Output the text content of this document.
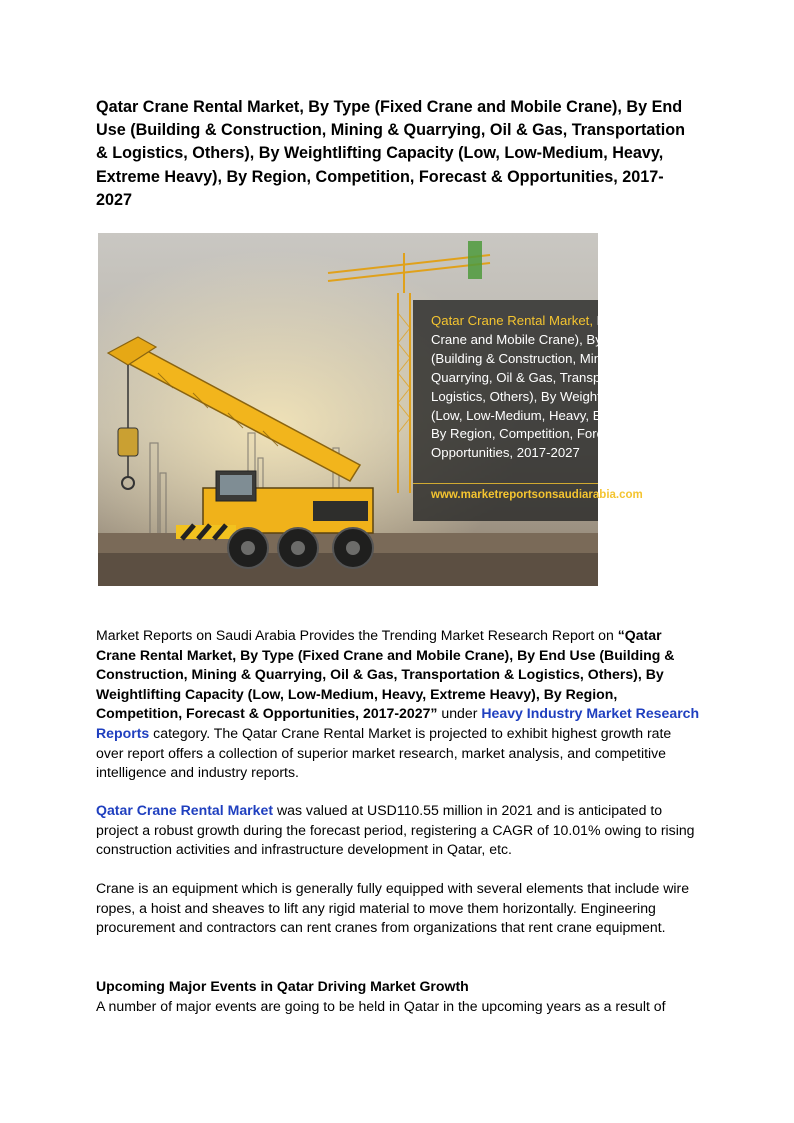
Qatar Crane Rental Market, By Type (Fixed Crane and Mobile Crane), By End Use (Building & Construction, Mining & Quarrying, Oil & Gas, Transportation & Logistics, Others), By Weightlifting Capacity (Low, Low-Medium, Heavy, Extreme Heavy), By Region, Competition, Forecast & Opportunities, 2017-2027
Qatar Crane Rental Market, By Type (Fixed Crane and Mobile Crane), By End Use (Building & Construction, Mining & Quarrying, Oil & Gas, Transportation & Logistics, Others), By Weightlifting Capacity (Low, Low-Medium, Heavy, Extreme Heavy), By Region, Competition, Forecast & Opportunities, 2017-2027
www.marketreportsonsaudiarabia.com

Market Reports on Saudi Arabia Provides the Trending Market Research Report on “Qatar Crane Rental Market, By Type (Fixed Crane and Mobile Crane), By End Use (Building & Construction, Mining & Quarrying, Oil & Gas, Transportation & Logistics, Others), By Weightlifting Capacity (Low, Low-Medium, Heavy, Extreme Heavy), By Region, Competition, Forecast & Opportunities, 2017-2027” under Heavy Industry Market Research Reports category. The Qatar Crane Rental Market is projected to exhibit highest growth rate over report offers a collection of superior market research, market analysis, and competitive intelligence and industry reports.

Qatar Crane Rental Market was valued at USD110.55 million in 2021 and is anticipated to project a robust growth during the forecast period, registering a CAGR of 10.01% owing to rising construction activities and infrastructure development in Qatar, etc.

Crane is an equipment which is generally fully equipped with several elements that include wire ropes, a hoist and sheaves to lift any rigid material to move them horizontally. Engineering procurement and contractors can rent cranes from organizations that rent crane equipment.

Upcoming Major Events in Qatar Driving Market Growth

A number of major events are going to be held in Qatar in the upcoming years as a result of
